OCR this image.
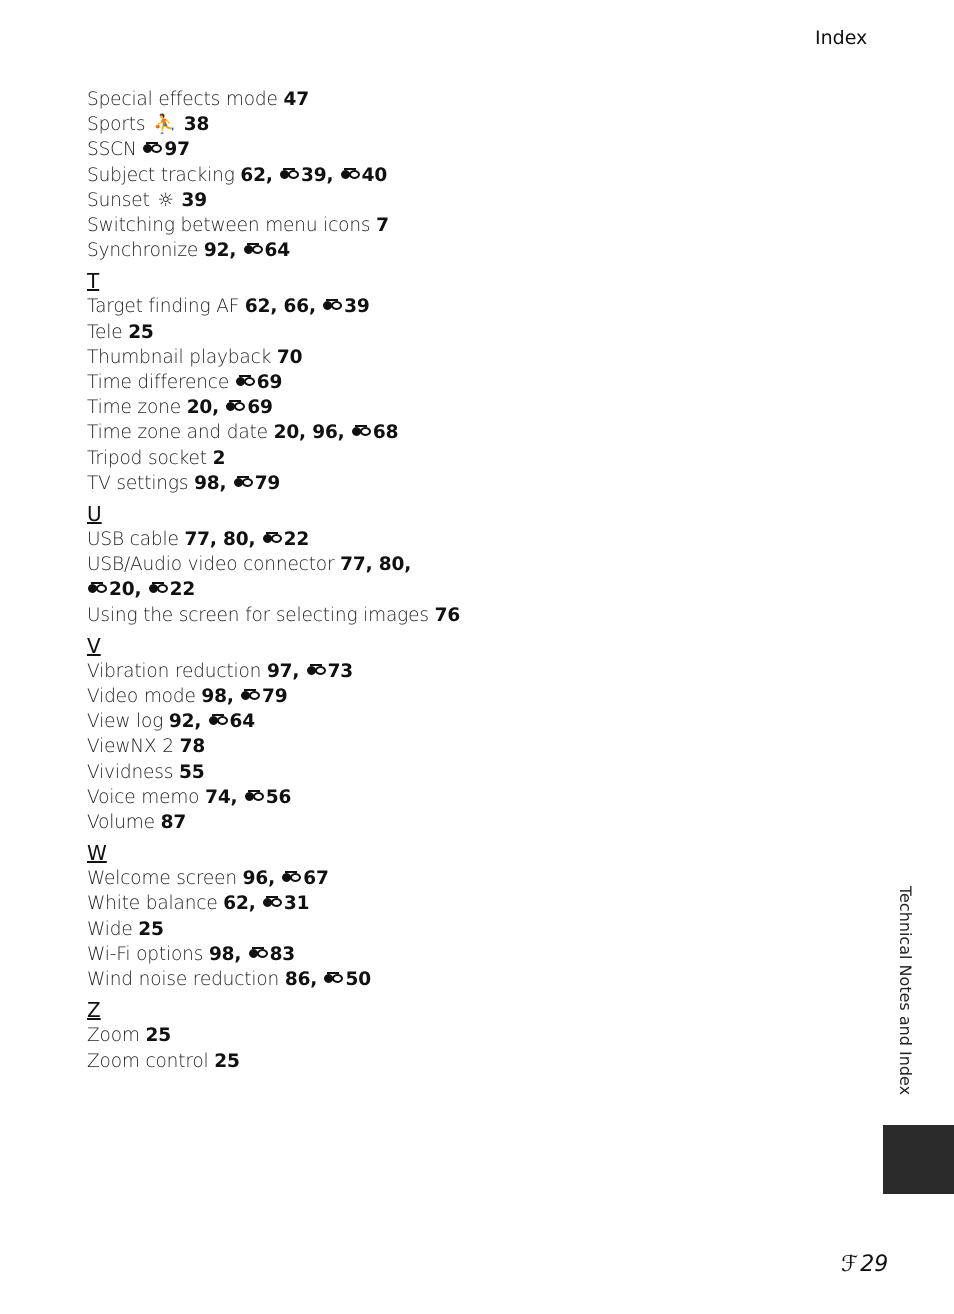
Index
Special effects mode 47
Sports ⛹ 38
SSCN
97
Subject tracking 62,
39,
40
Sunset ☼ 39
Switching between menu icons 7
Synchronize 92,
64
T
Target finding AF 62, 66,
39
Tele 25
Thumbnail playback 70
Time difference
69
Time zone 20,
69
Time zone and date 20, 96,
68
Tripod socket 2
TV settings 98,
79
U
USB cable 77, 80,
22
USB/Audio video connector 77, 80,
20,
22
Using the screen for selecting images 76
V
Vibration reduction 97,
73
Video mode 98,
79
View log 92,
64
ViewNX 2 78
Vividness 55
Voice memo 74,
56
Volume 87
W
Welcome screen 96,
67
White balance 62,
31
Wide 25
Wi-Fi options 98,
83
Wind noise reduction 86,
50
Z
Zoom 25
Zoom control 25	Technical Notes and Index
ℱ29
